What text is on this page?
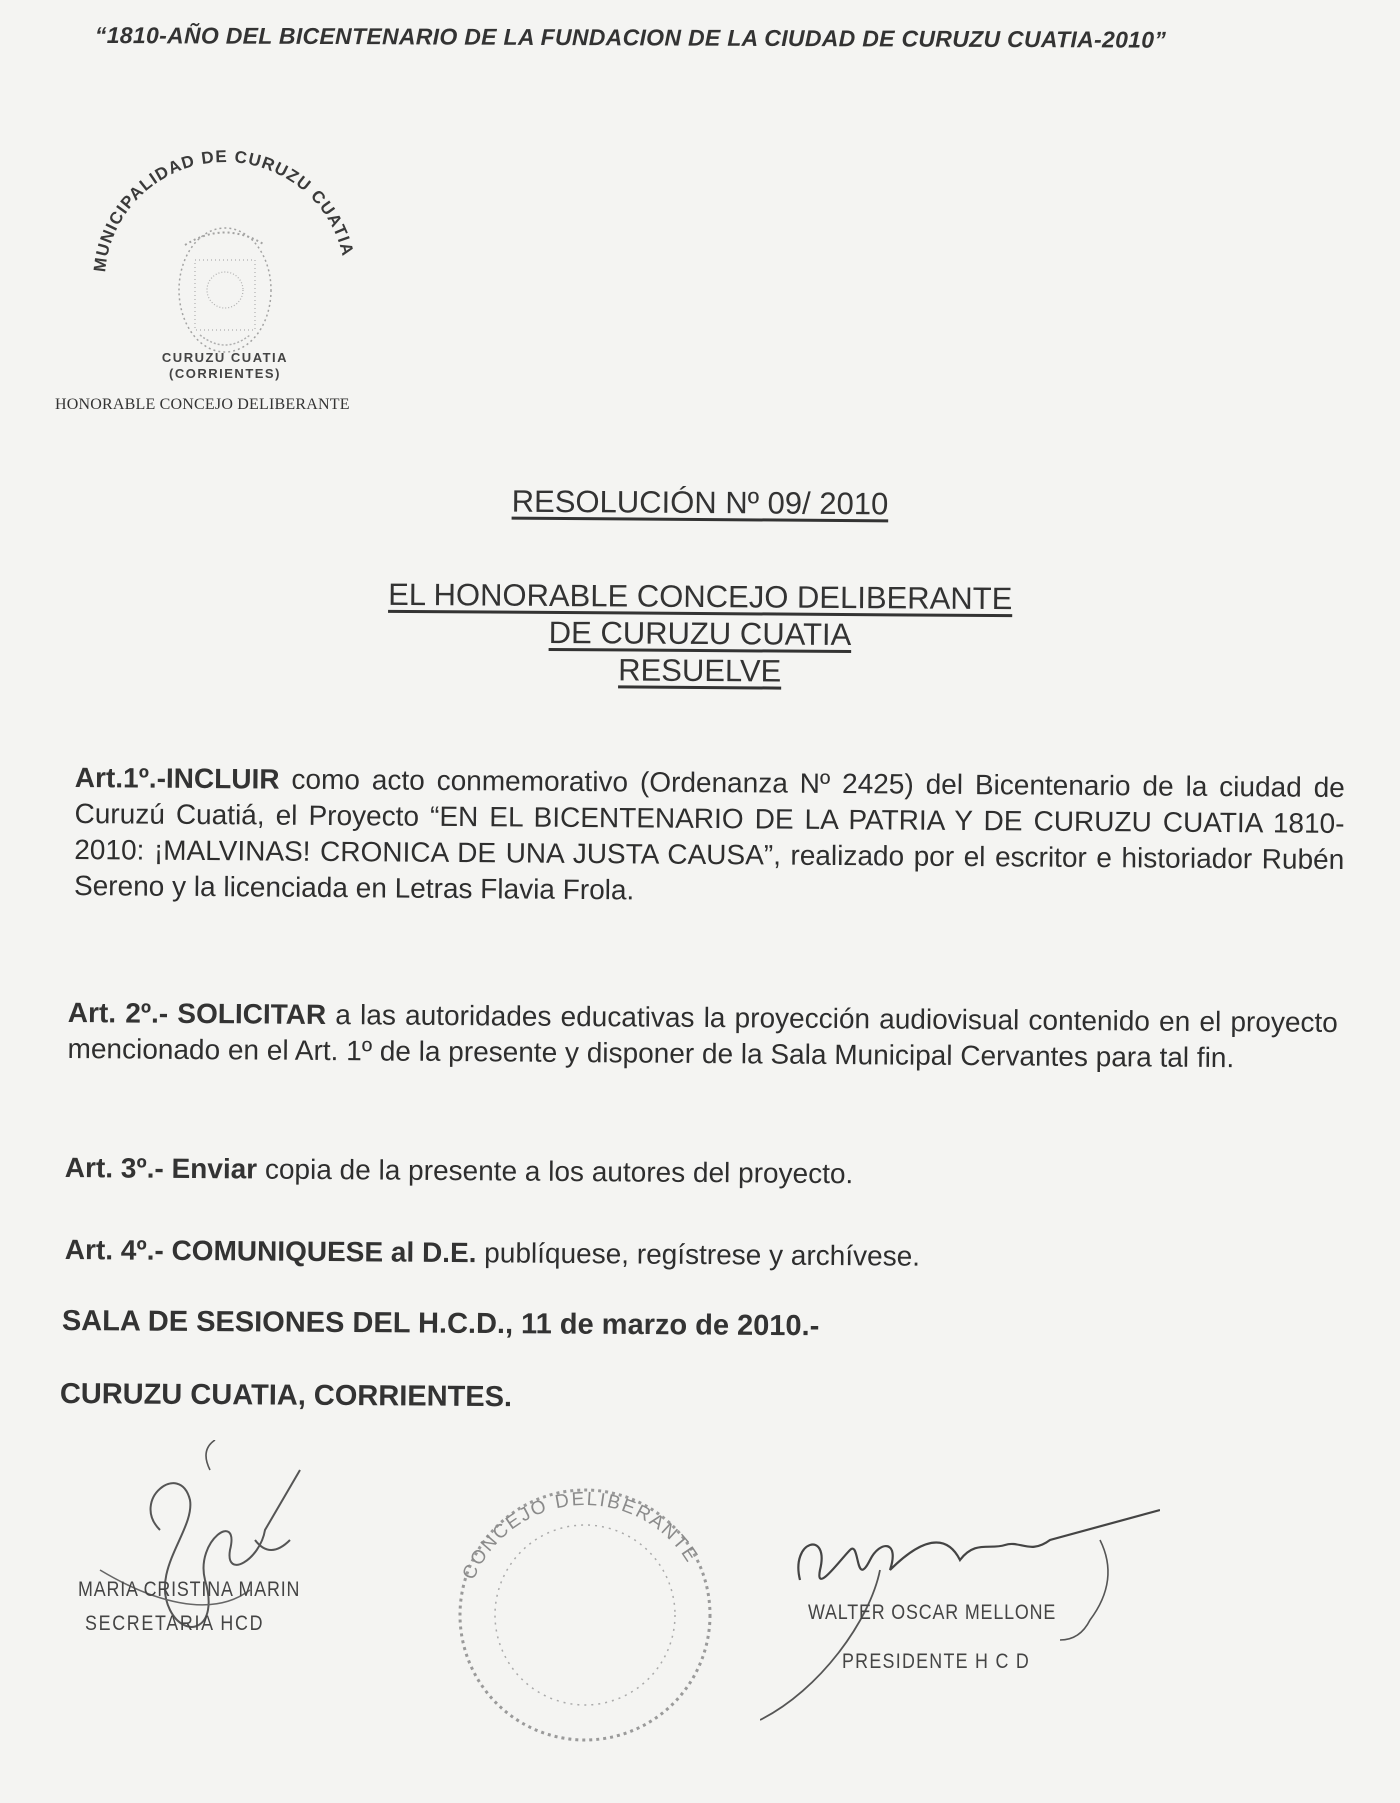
“1810-AÑO DEL BICENTENARIO DE LA FUNDACION DE LA CIUDAD DE CURUZU CUATIA-2010”
MUNICIPALIDAD DE CURUZU CUATIA
CURUZU CUATIA
(CORRIENTES)
HONORABLE CONCEJO DELIBERANTE
RESOLUCIÓN Nº 09/ 2010
EL HONORABLE CONCEJO DELIBERANTE
DE CURUZU CUATIA
RESUELVE
Art.1º.-INCLUIR como acto conmemorativo (Ordenanza Nº 2425) del Bicentenario de la ciudad de Curuzú Cuatiá, el Proyecto “EN EL BICENTENARIO DE LA PATRIA Y DE CURUZU CUATIA 1810-2010: ¡MALVINAS! CRONICA DE UNA JUSTA CAUSA”, realizado por el escritor e historiador Rubén Sereno y la licenciada en Letras Flavia Frola.
Art. 2º.- SOLICITAR a las autoridades educativas la proyección audiovisual contenido en el proyecto mencionado en el Art. 1º de la presente y disponer de la Sala Municipal Cervantes para tal fin.
Art. 3º.- Enviar copia de la presente a los autores del proyecto.
Art. 4º.- COMUNIQUESE al D.E. publíquese, regístrese y archívese.
SALA DE SESIONES DEL H.C.D., 11 de marzo de 2010.-
CURUZU CUATIA, CORRIENTES.
MARIA CRISTINA MARIN
SECRETARIA HCD
CONCEJO DELIBERANTE
WALTER OSCAR MELLONE
PRESIDENTE H C D
